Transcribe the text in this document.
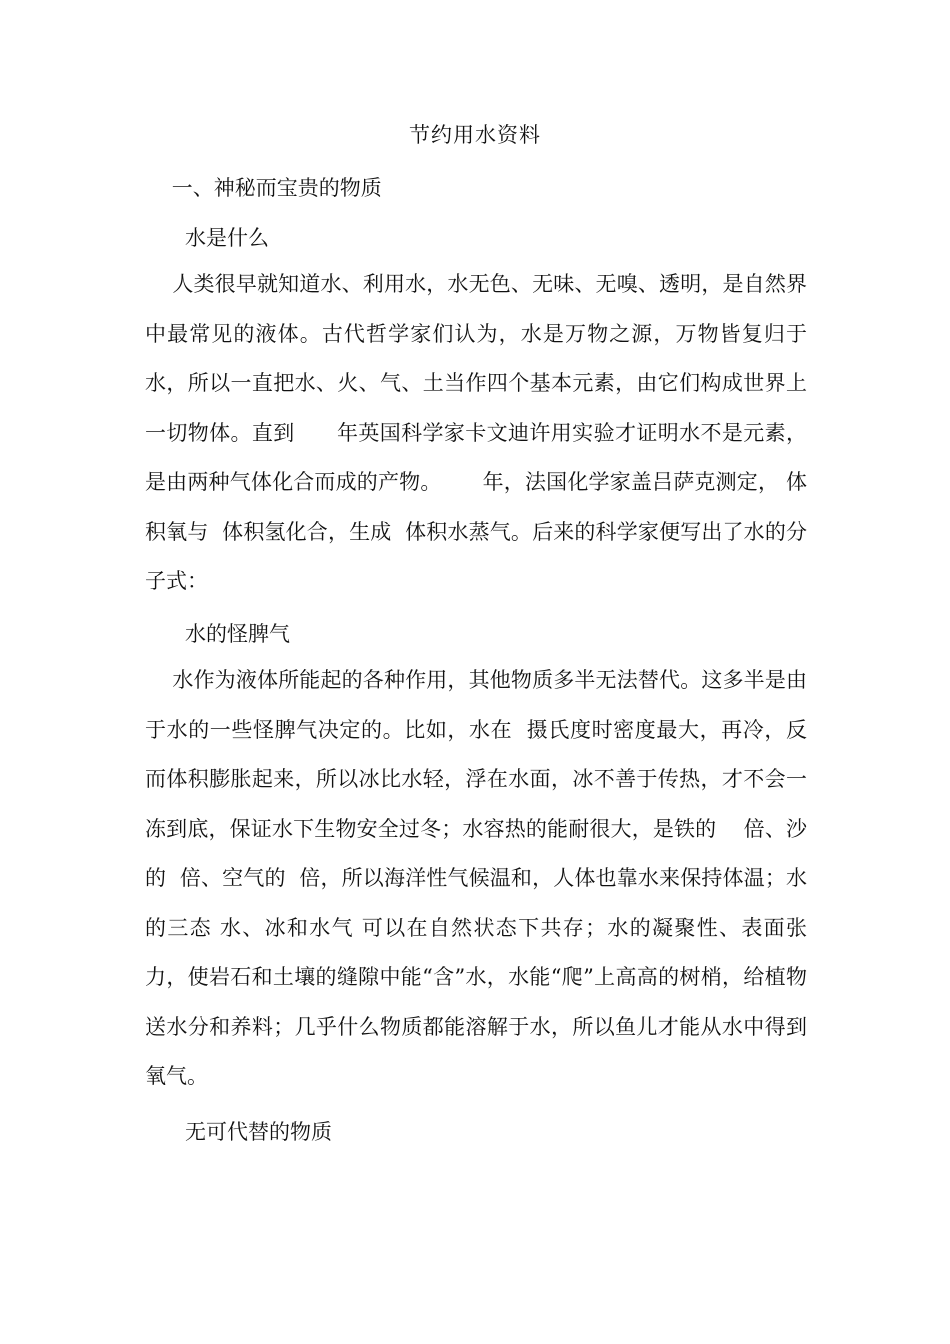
节约用水资料
一、神秘而宝贵的物质
水是什么

人类很早就知道水、利用水，水无色、无味、无嗅、透明，是自然界中最常见的液体。古代哲学家们认为，水是万物之源，万物皆复归于水，所以一直把水、火、气、土当作四个基本元素，由它们构成世界上一切物体。直到      年英国科学家卡文迪许用实验才证明水不是元素，是由两种气体化合而成的产物。      年，法国化学家盖吕萨克测定， 体积氧与  体积氢化合，生成  体积水蒸气。后来的科学家便写出了水的分子式：

水的怪脾气

水作为液体所能起的各种作用，其他物质多半无法替代。这多半是由于水的一些怪脾气决定的。比如，水在  摄氏度时密度最大，再冷，反而体积膨胀起来，所以冰比水轻，浮在水面，冰不善于传热，才不会一冻到底，保证水下生物安全过冬；水容热的能耐很大，是铁的    倍、沙的  倍、空气的  倍，所以海洋性气候温和，人体也靠水来保持体温；水的三态 水、冰和水气 可以在自然状态下共存；水的凝聚性、表面张力，使岩石和土壤的缝隙中能“含”水，水能“爬”上高高的树梢，给植物送水分和养料；几乎什么物质都能溶解于水，所以鱼儿才能从水中得到氧气。

无可代替的物质
